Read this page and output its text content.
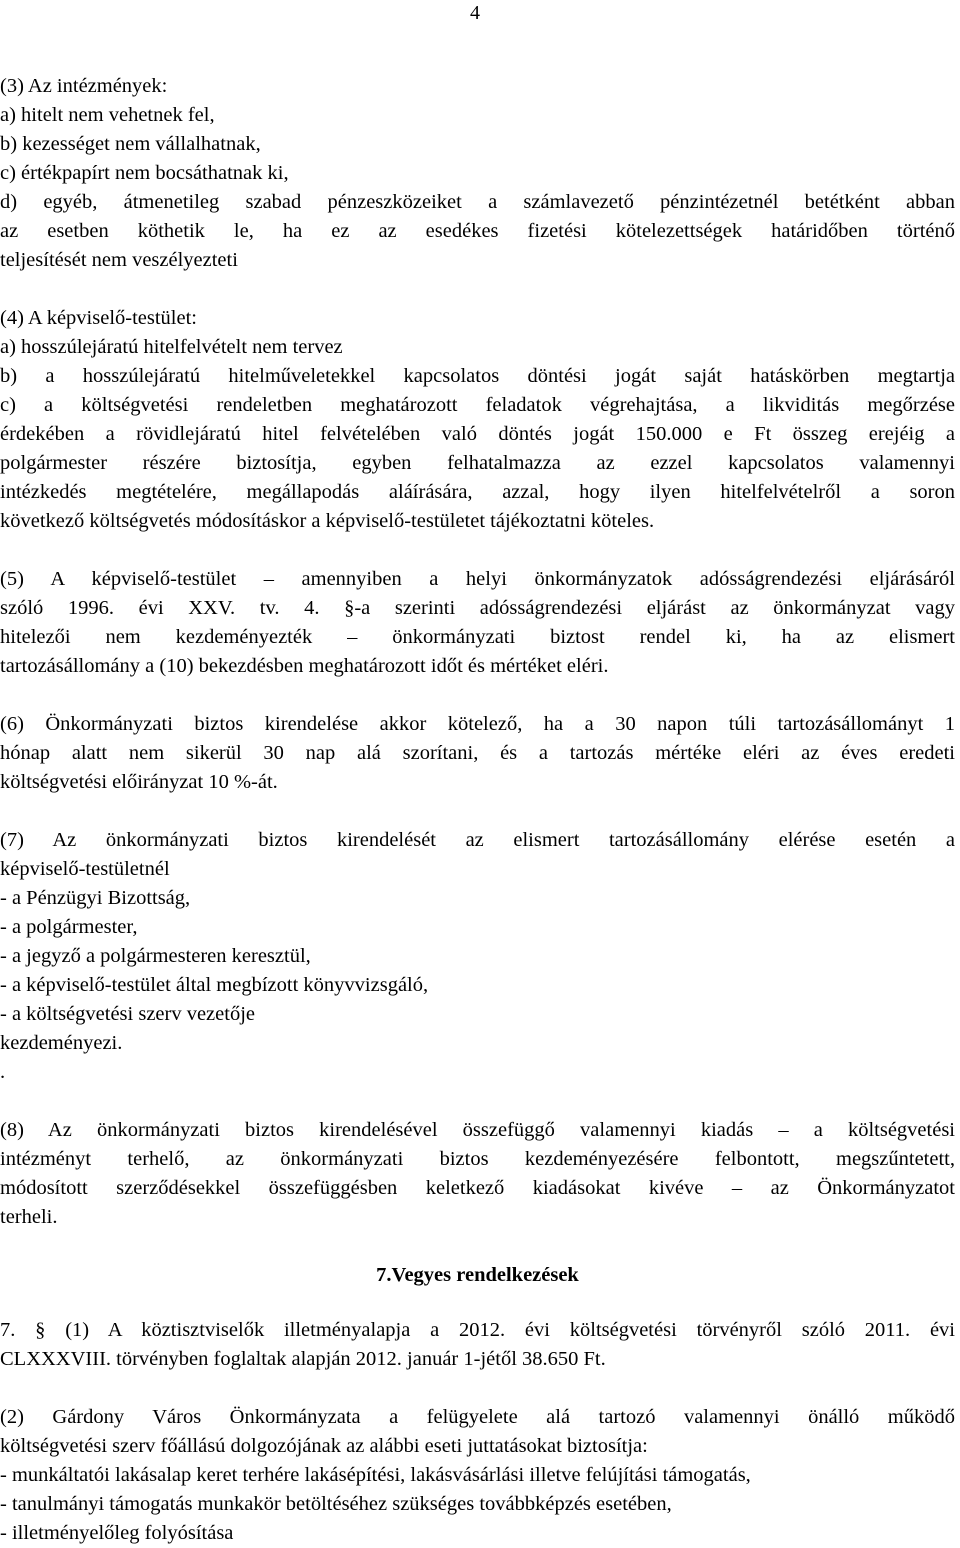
4
(3) Az intézmények:
a) hitelt nem vehetnek fel,
b) kezességet nem vállalhatnak,
c) értékpapírt nem bocsáthatnak ki,
d) egyéb, átmenetileg szabad pénzeszközeiket a számlavezető pénzintézetnél betétként abban
az esetben köthetik le, ha ez az esedékes fizetési kötelezettségek határidőben történő
teljesítését nem veszélyezteti
(4) A képviselő-testület:
a) hosszúlejáratú hitelfelvételt nem tervez
b) a hosszúlejáratú hitelműveletekkel kapcsolatos döntési jogát saját hatáskörben megtartja
c) a költségvetési rendeletben meghatározott feladatok végrehajtása, a likviditás megőrzése
érdekében a rövidlejáratú hitel felvételében való döntés jogát 150.000 e Ft összeg erejéig a
polgármester részére biztosítja, egyben felhatalmazza az ezzel kapcsolatos valamennyi
intézkedés megtételére, megállapodás aláírására, azzal, hogy ilyen hitelfelvételről a soron
következő költségvetés módosításkor a képviselő-testületet tájékoztatni köteles.
(5) A képviselő-testület – amennyiben a helyi önkormányzatok adósságrendezési eljárásáról
szóló 1996. évi XXV. tv. 4. §-a szerinti adósságrendezési eljárást az önkormányzat vagy
hitelezői nem kezdeményezték – önkormányzati biztost rendel ki, ha az elismert
tartozásállomány a (10) bekezdésben meghatározott időt és mértéket eléri.
(6) Önkormányzati biztos kirendelése akkor kötelező, ha a 30 napon túli tartozásállományt 1
hónap alatt nem sikerül 30 nap alá szorítani, és a tartozás mértéke eléri az éves eredeti
költségvetési előirányzat 10 %-át.
(7) Az önkormányzati biztos kirendelését az elismert tartozásállomány elérése esetén a
képviselő-testületnél
- a Pénzügyi Bizottság,
- a polgármester,
- a jegyző a polgármesteren keresztül,
- a képviselő-testület által megbízott könyvvizsgáló,
- a költségvetési szerv vezetője
kezdeményezi.
.
(8) Az önkormányzati biztos kirendelésével összefüggő valamennyi kiadás – a költségvetési
intézményt terhelő, az önkormányzati biztos kezdeményezésére felbontott, megszűntetett,
módosított szerződésekkel összefüggésben keletkező kiadásokat kivéve – az Önkormányzatot
terheli.
7.Vegyes rendelkezések
7. § (1) A köztisztviselők illetményalapja a 2012. évi költségvetési törvényről szóló 2011. évi
CLXXXVIII. törvényben foglaltak alapján 2012. január 1-jétől 38.650 Ft.
(2) Gárdony Város Önkormányzata a felügyelete alá tartozó valamennyi önálló működő
költségvetési szerv főállású dolgozójának az alábbi eseti juttatásokat biztosítja:
- munkáltatói lakásalap keret terhére lakásépítési, lakásvásárlási illetve felújítási támogatás,
- tanulmányi támogatás munkakör betöltéséhez szükséges továbbképzés esetében,
- illetményelőleg folyósítása
